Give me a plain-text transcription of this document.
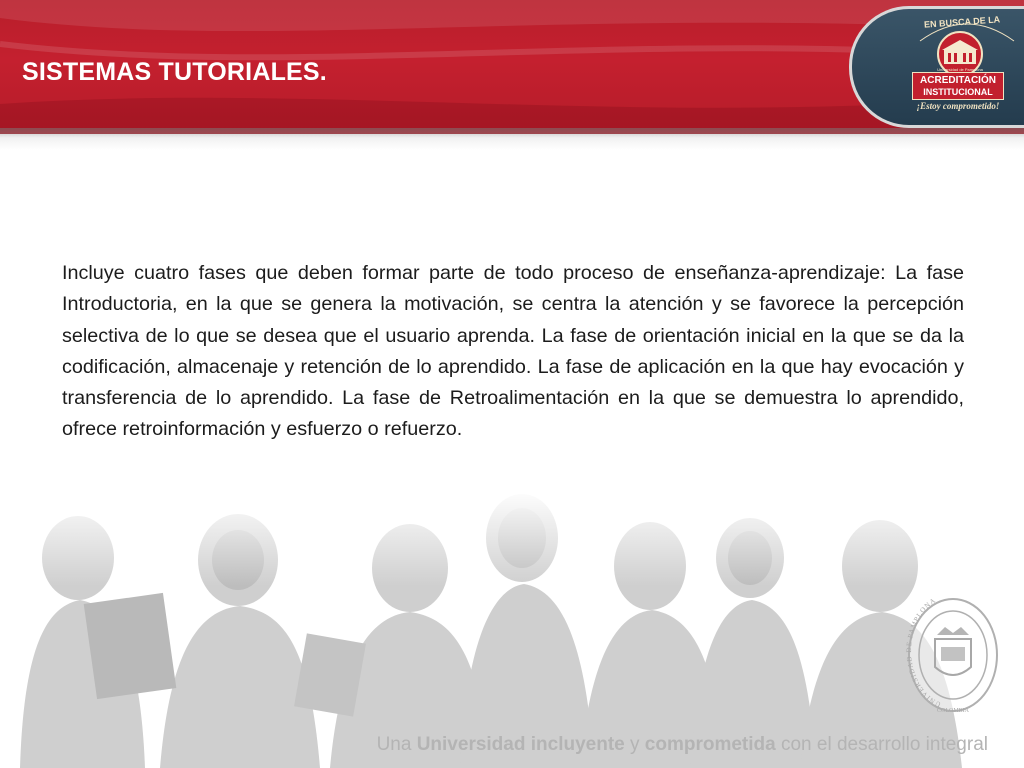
SISTEMAS TUTORIALES.
EN BUSCA DE LA
Universidad de Pamplona
ACREDITACIÓN
INSTITUCIONAL
¡Estoy comprometido!

Incluye cuatro fases que deben formar parte de todo proceso de enseñanza-aprendizaje: La fase Introductoria, en la que se genera la motivación, se centra la atención y se favorece la percepción selectiva de lo que se desea que el usuario aprenda. La fase de orientación inicial en la que se da la codificación, almacenaje y retención de lo aprendido. La fase de aplicación en la que hay evocación y transferencia de lo aprendido. La fase de Retroalimentación en la que se demuestra lo aprendido, ofrece retroinformación y esfuerzo o refuerzo.

UNIVERSIDAD DE PAMPLONA
COLOMBIA

Una Universidad incluyente y comprometida con el desarrollo integral
